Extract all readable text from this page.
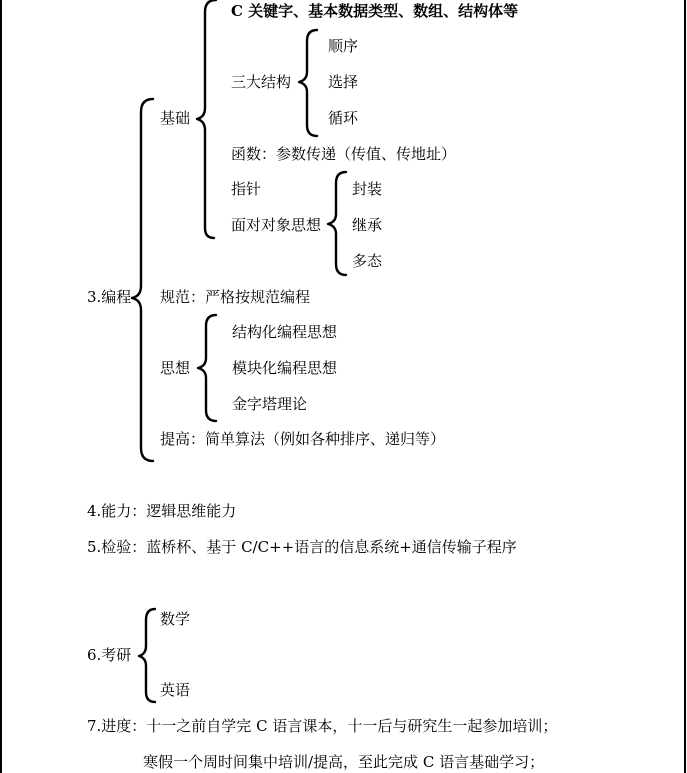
C 关键字、基本数据类型、数组、结构体等
三大结构
顺序
选择
循环
函数：参数传递（传值、传地址）
指针
面对对象思想
封装
继承
多态
基础
3.编程 规范：严格按规范编程
思想
结构化编程思想
模块化编程思想
金字塔理论
提高：简单算法（例如各种排序、递归等）
4.能力：逻辑思维能力
5.检验：蓝桥杯、基于 C/C++语言的信息系统+通信传输子程序
6.考研
数学
英语
7.进度：十一之前自学完 C 语言课本，十一后与研究生一起参加培训；
寒假一个周时间集中培训/提高，至此完成 C 语言基础学习；
